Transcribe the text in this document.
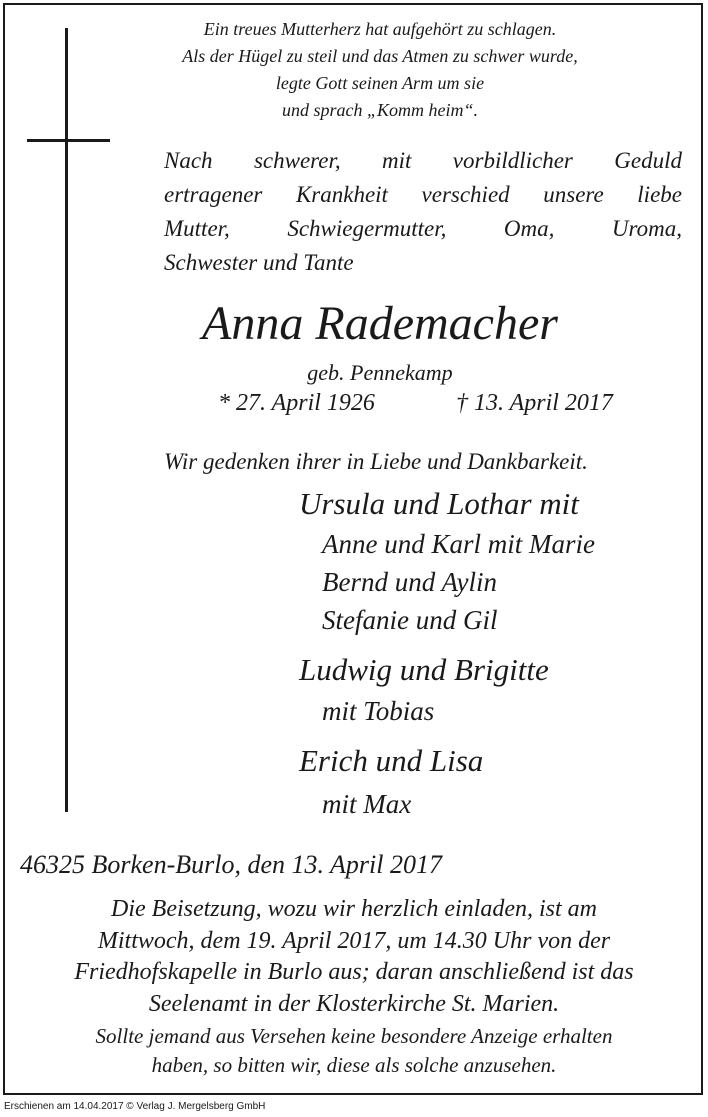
Ein treues Mutterherz hat aufgehört zu schlagen.
Als der Hügel zu steil und das Atmen zu schwer wurde,
legte Gott seinen Arm um sie
und sprach „Komm heim“.
Nach schwerer, mit vorbildlicher Geduld
ertragener Krankheit verschied unsere liebe
Mutter, Schwiegermutter, Oma, Uroma,
Schwester und Tante
Anna Rademacher
geb. Pennekamp
* 27. April 1926	† 13. April 2017
Wir gedenken ihrer in Liebe und Dankbarkeit.
Ursula und Lothar mit
Anne und Karl mit Marie
Bernd und Aylin
Stefanie und Gil
Ludwig und Brigitte
mit Tobias
Erich und Lisa
mit Max
46325 Borken-Burlo, den 13. April 2017
Die Beisetzung, wozu wir herzlich einladen, ist am
Mittwoch, dem 19. April 2017, um 14.30 Uhr von der
Friedhofskapelle in Burlo aus; daran anschließend ist das
Seelenamt in der Klosterkirche St. Marien.
Sollte jemand aus Versehen keine besondere Anzeige erhalten
haben, so bitten wir, diese als solche anzusehen.
Erschienen am 14.04.2017 © Verlag J. Mergelsberg GmbH
